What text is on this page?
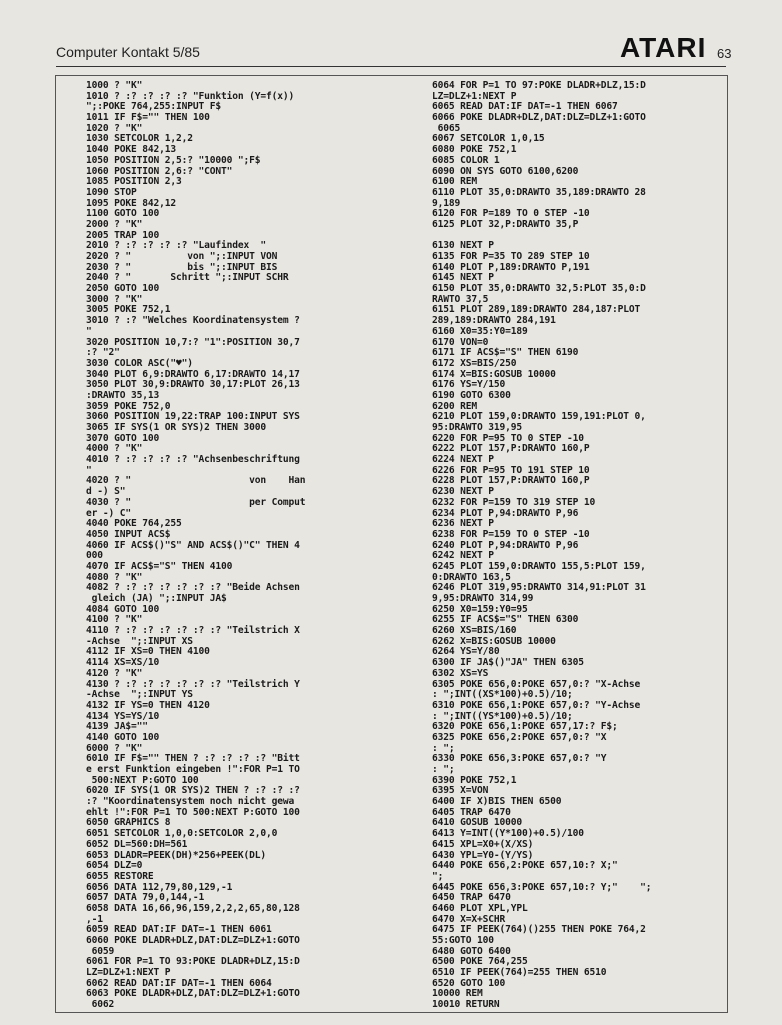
Computer Kontakt 5/85	ATARI 63
1000 ? "K"
1010 ? :? :? :? :? "Funktion (Y=f(x))
";:POKE 764,255:INPUT F$
1011 IF F$="" THEN 100
1020 ? "K"
1030 SETCOLOR 1,2,2
1040 POKE 842,13
1050 POSITION 2,5:? "10000 ";F$
1060 POSITION 2,6:? "CONT"
1085 POSITION 2,3
1090 STOP
1095 POKE 842,12
1100 GOTO 100
2000 ? "K"
2005 TRAP 100
2010 ? :? :? :? :? "Laufindex  "
2020 ? "          von ";:INPUT VON
2030 ? "          bis ";:INPUT BIS
2040 ? "       Schritt ";:INPUT SCHR
2050 GOTO 100
3000 ? "K"
3005 POKE 752,1
3010 ? :? "Welches Koordinatensystem ?
"
3020 POSITION 10,7:? "1":POSITION 30,7
:? "2"
3030 COLOR ASC("♥")
3040 PLOT 6,9:DRAWTO 6,17:DRAWTO 14,17
3050 PLOT 30,9:DRAWTO 30,17:PLOT 26,13
:DRAWTO 35,13
3059 POKE 752,0
3060 POSITION 19,22:TRAP 100:INPUT SYS
3065 IF SYS(1 OR SYS)2 THEN 3000
3070 GOTO 100
4000 ? "K"
4010 ? :? :? :? :? "Achsenbeschriftung
"
4020 ? "                     von    Han
d -) S"
4030 ? "                     per Comput
er -) C"
4040 POKE 764,255
4050 INPUT ACS$
4060 IF ACS$()"S" AND ACS$()"C" THEN 4
000
4070 IF ACS$="S" THEN 4100
4080 ? "K"
4082 ? :? :? :? :? :? :? "Beide Achsen
gleich (JA) ";:INPUT JA$
4084 GOTO 100
4100 ? "K"
4110 ? :? :? :? :? :? :? "Teilstrich X
-Achse  ";:INPUT XS
4112 IF XS=0 THEN 4100
4114 XS=XS/10
4120 ? "K"
4130 ? :? :? :? :? :? :? "Teilstrich Y
-Achse  ";:INPUT YS
4132 IF YS=0 THEN 4120
4134 YS=YS/10
4139 JA$=""
4140 GOTO 100
6000 ? "K"
6010 IF F$="" THEN ? :? :? :? :? "Bitt
e erst Funktion eingeben !":FOR P=1 TO
500:NEXT P:GOTO 100
6020 IF SYS(1 OR SYS)2 THEN ? :? :? :?
:? "Koordinatensystem noch nicht gewa
ehlt !":FOR P=1 TO 500:NEXT P:GOTO 100
6050 GRAPHICS 8
6051 SETCOLOR 1,0,0:SETCOLOR 2,0,0
6052 DL=560:DH=561
6053 DLADR=PEEK(DH)*256+PEEK(DL)
6054 DLZ=0
6055 RESTORE
6056 DATA 112,79,80,129,-1
6057 DATA 79,0,144,-1
6058 DATA 16,66,96,159,2,2,2,65,80,128
,-1
6059 READ DAT:IF DAT=-1 THEN 6061
6060 POKE DLADR+DLZ,DAT:DLZ=DLZ+1:GOTO
6059
6061 FOR P=1 TO 93:POKE DLADR+DLZ,15:D
LZ=DLZ+1:NEXT P
6062 READ DAT:IF DAT=-1 THEN 6064
6063 POKE DLADR+DLZ,DAT:DLZ=DLZ+1:GOTO
6062
6064 FOR P=1 TO 97:POKE DLADR+DLZ,15:D
LZ=DLZ+1:NEXT P
6065 READ DAT:IF DAT=-1 THEN 6067
6066 POKE DLADR+DLZ,DAT:DLZ=DLZ+1:GOTO
6065
6067 SETCOLOR 1,0,15
6080 POKE 752,1
6085 COLOR 1
6090 ON SYS GOTO 6100,6200
6100 REM
6110 PLOT 35,0:DRAWTO 35,189:DRAWTO 28
9,189
6120 FOR P=189 TO 0 STEP -10
6125 PLOT 32,P:DRAWTO 35,P
6130 NEXT P
6135 FOR P=35 TO 289 STEP 10
6140 PLOT P,189:DRAWTO P,191
6145 NEXT P
6150 PLOT 35,0:DRAWTO 32,5:PLOT 35,0:D
RAWTO 37,5
6151 PLOT 289,189:DRAWTO 284,187:PLOT
289,189:DRAWTO 284,191
6160 X0=35:Y0=189
6170 VON=0
6171 IF ACS$="S" THEN 6190
6172 XS=BIS/250
6174 X=BIS:GOSUB 10000
6176 YS=Y/150
6190 GOTO 6300
6200 REM
6210 PLOT 159,0:DRAWTO 159,191:PLOT 0,
95:DRAWTO 319,95
6220 FOR P=95 TO 0 STEP -10
6222 PLOT 157,P:DRAWTO 160,P
6224 NEXT P
6226 FOR P=95 TO 191 STEP 10
6228 PLOT 157,P:DRAWTO 160,P
6230 NEXT P
6232 FOR P=159 TO 319 STEP 10
6234 PLOT P,94:DRAWTO P,96
6236 NEXT P
6238 FOR P=159 TO 0 STEP -10
6240 PLOT P,94:DRAWTO P,96
6242 NEXT P
6245 PLOT 159,0:DRAWTO 155,5:PLOT 159,
0:DRAWTO 163,5
6246 PLOT 319,95:DRAWTO 314,91:PLOT 31
9,95:DRAWTO 314,99
6250 X0=159:Y0=95
6255 IF ACS$="S" THEN 6300
6260 XS=BIS/160
6262 X=BIS:GOSUB 10000
6264 YS=Y/80
6300 IF JA$()"JA" THEN 6305
6302 XS=YS
6305 POKE 656,0:POKE 657,0:? "X-Achse
: ";INT((XS*100)+0.5)/10;
6310 POKE 656,1:POKE 657,0:? "Y-Achse
: ";INT((YS*100)+0.5)/10;
6320 POKE 656,1:POKE 657,17:? F$;
6325 POKE 656,2:POKE 657,0:? "X
: ";
6330 POKE 656,3:POKE 657,0:? "Y
: ";
6390 POKE 752,1
6395 X=VON
6400 IF X)BIS THEN 6500
6405 TRAP 6470
6410 GOSUB 10000
6413 Y=INT((Y*100)+0.5)/100
6415 XPL=X0+(X/XS)
6430 YPL=Y0-(Y/YS)
6440 POKE 656,2:POKE 657,10:? X;"
";
6445 POKE 656,3:POKE 657,10:? Y;"    ";
6450 TRAP 6470
6460 PLOT XPL,YPL
6470 X=X+SCHR
6475 IF PEEK(764)()255 THEN POKE 764,2
55:GOTO 100
6480 GOTO 6400
6500 POKE 764,255
6510 IF PEEK(764)=255 THEN 6510
6520 GOTO 100
10000 REM
10010 RETURN
